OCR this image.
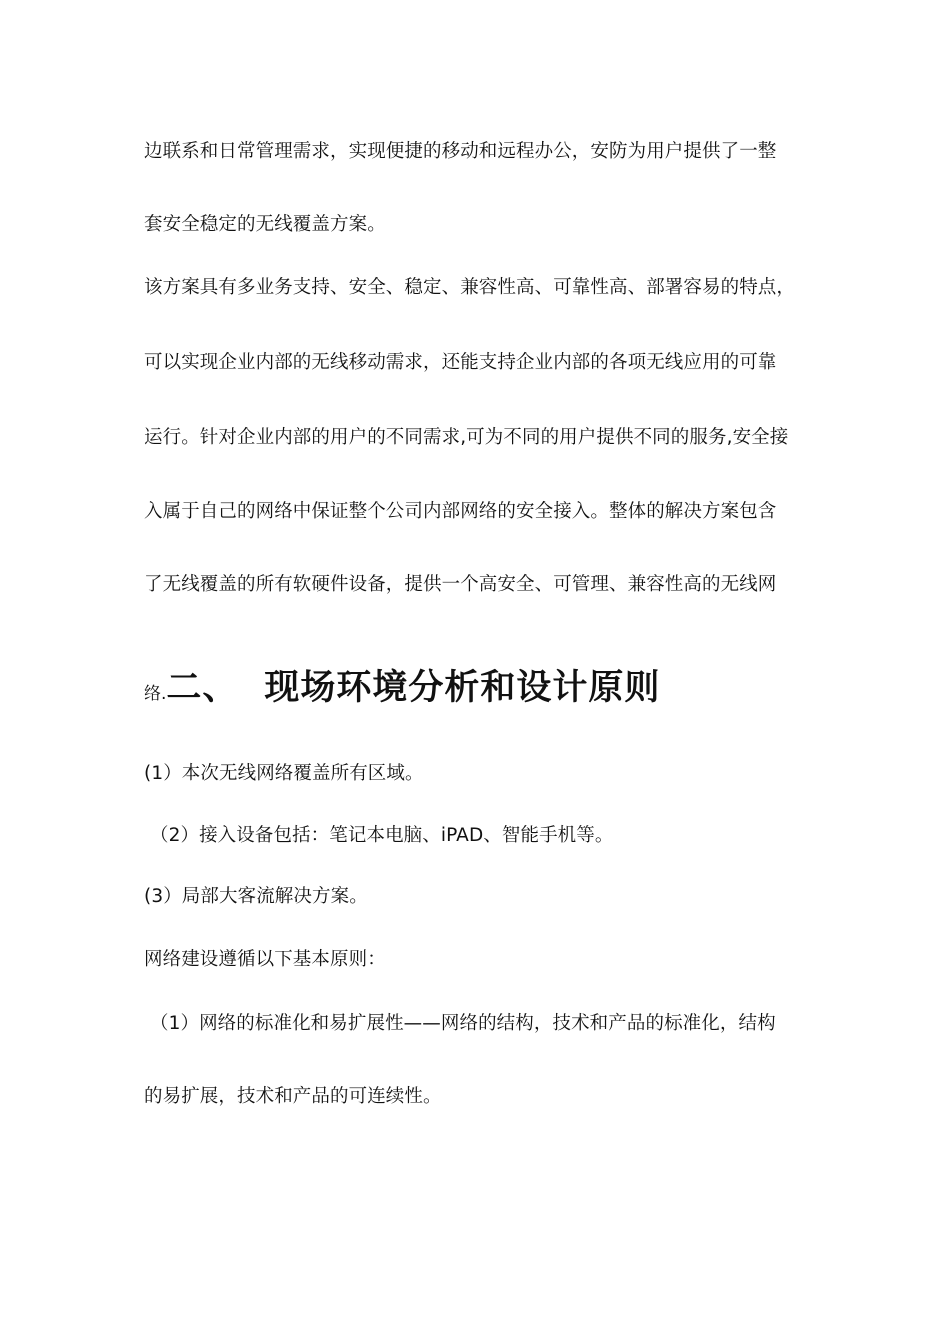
边联系和日常管理需求，实现便捷的移动和远程办公，安防为用户提供了一整
套安全稳定的无线覆盖方案。
该方案具有多业务支持、安全、稳定、兼容性高、可靠性高、部署容易的特点，
可以实现企业内部的无线移动需求，还能支持企业内部的各项无线应用的可靠
运行。针对企业内部的用户的不同需求,可为不同的用户提供不同的服务,安全接
入属于自己的网络中保证整个公司内部网络的安全接入。整体的解决方案包含
了无线覆盖的所有软硬件设备，提供一个高安全、可管理、兼容性高的无线网
络.二、 现场环境分析和设计原则
(1）本次无线网络覆盖所有区域。
（2）接入设备包括：笔记本电脑、iPAD、智能手机等。
(3）局部大客流解决方案。
网络建设遵循以下基本原则：
（1）网络的标准化和易扩展性——网络的结构，技术和产品的标准化，结构
的易扩展，技术和产品的可连续性。
